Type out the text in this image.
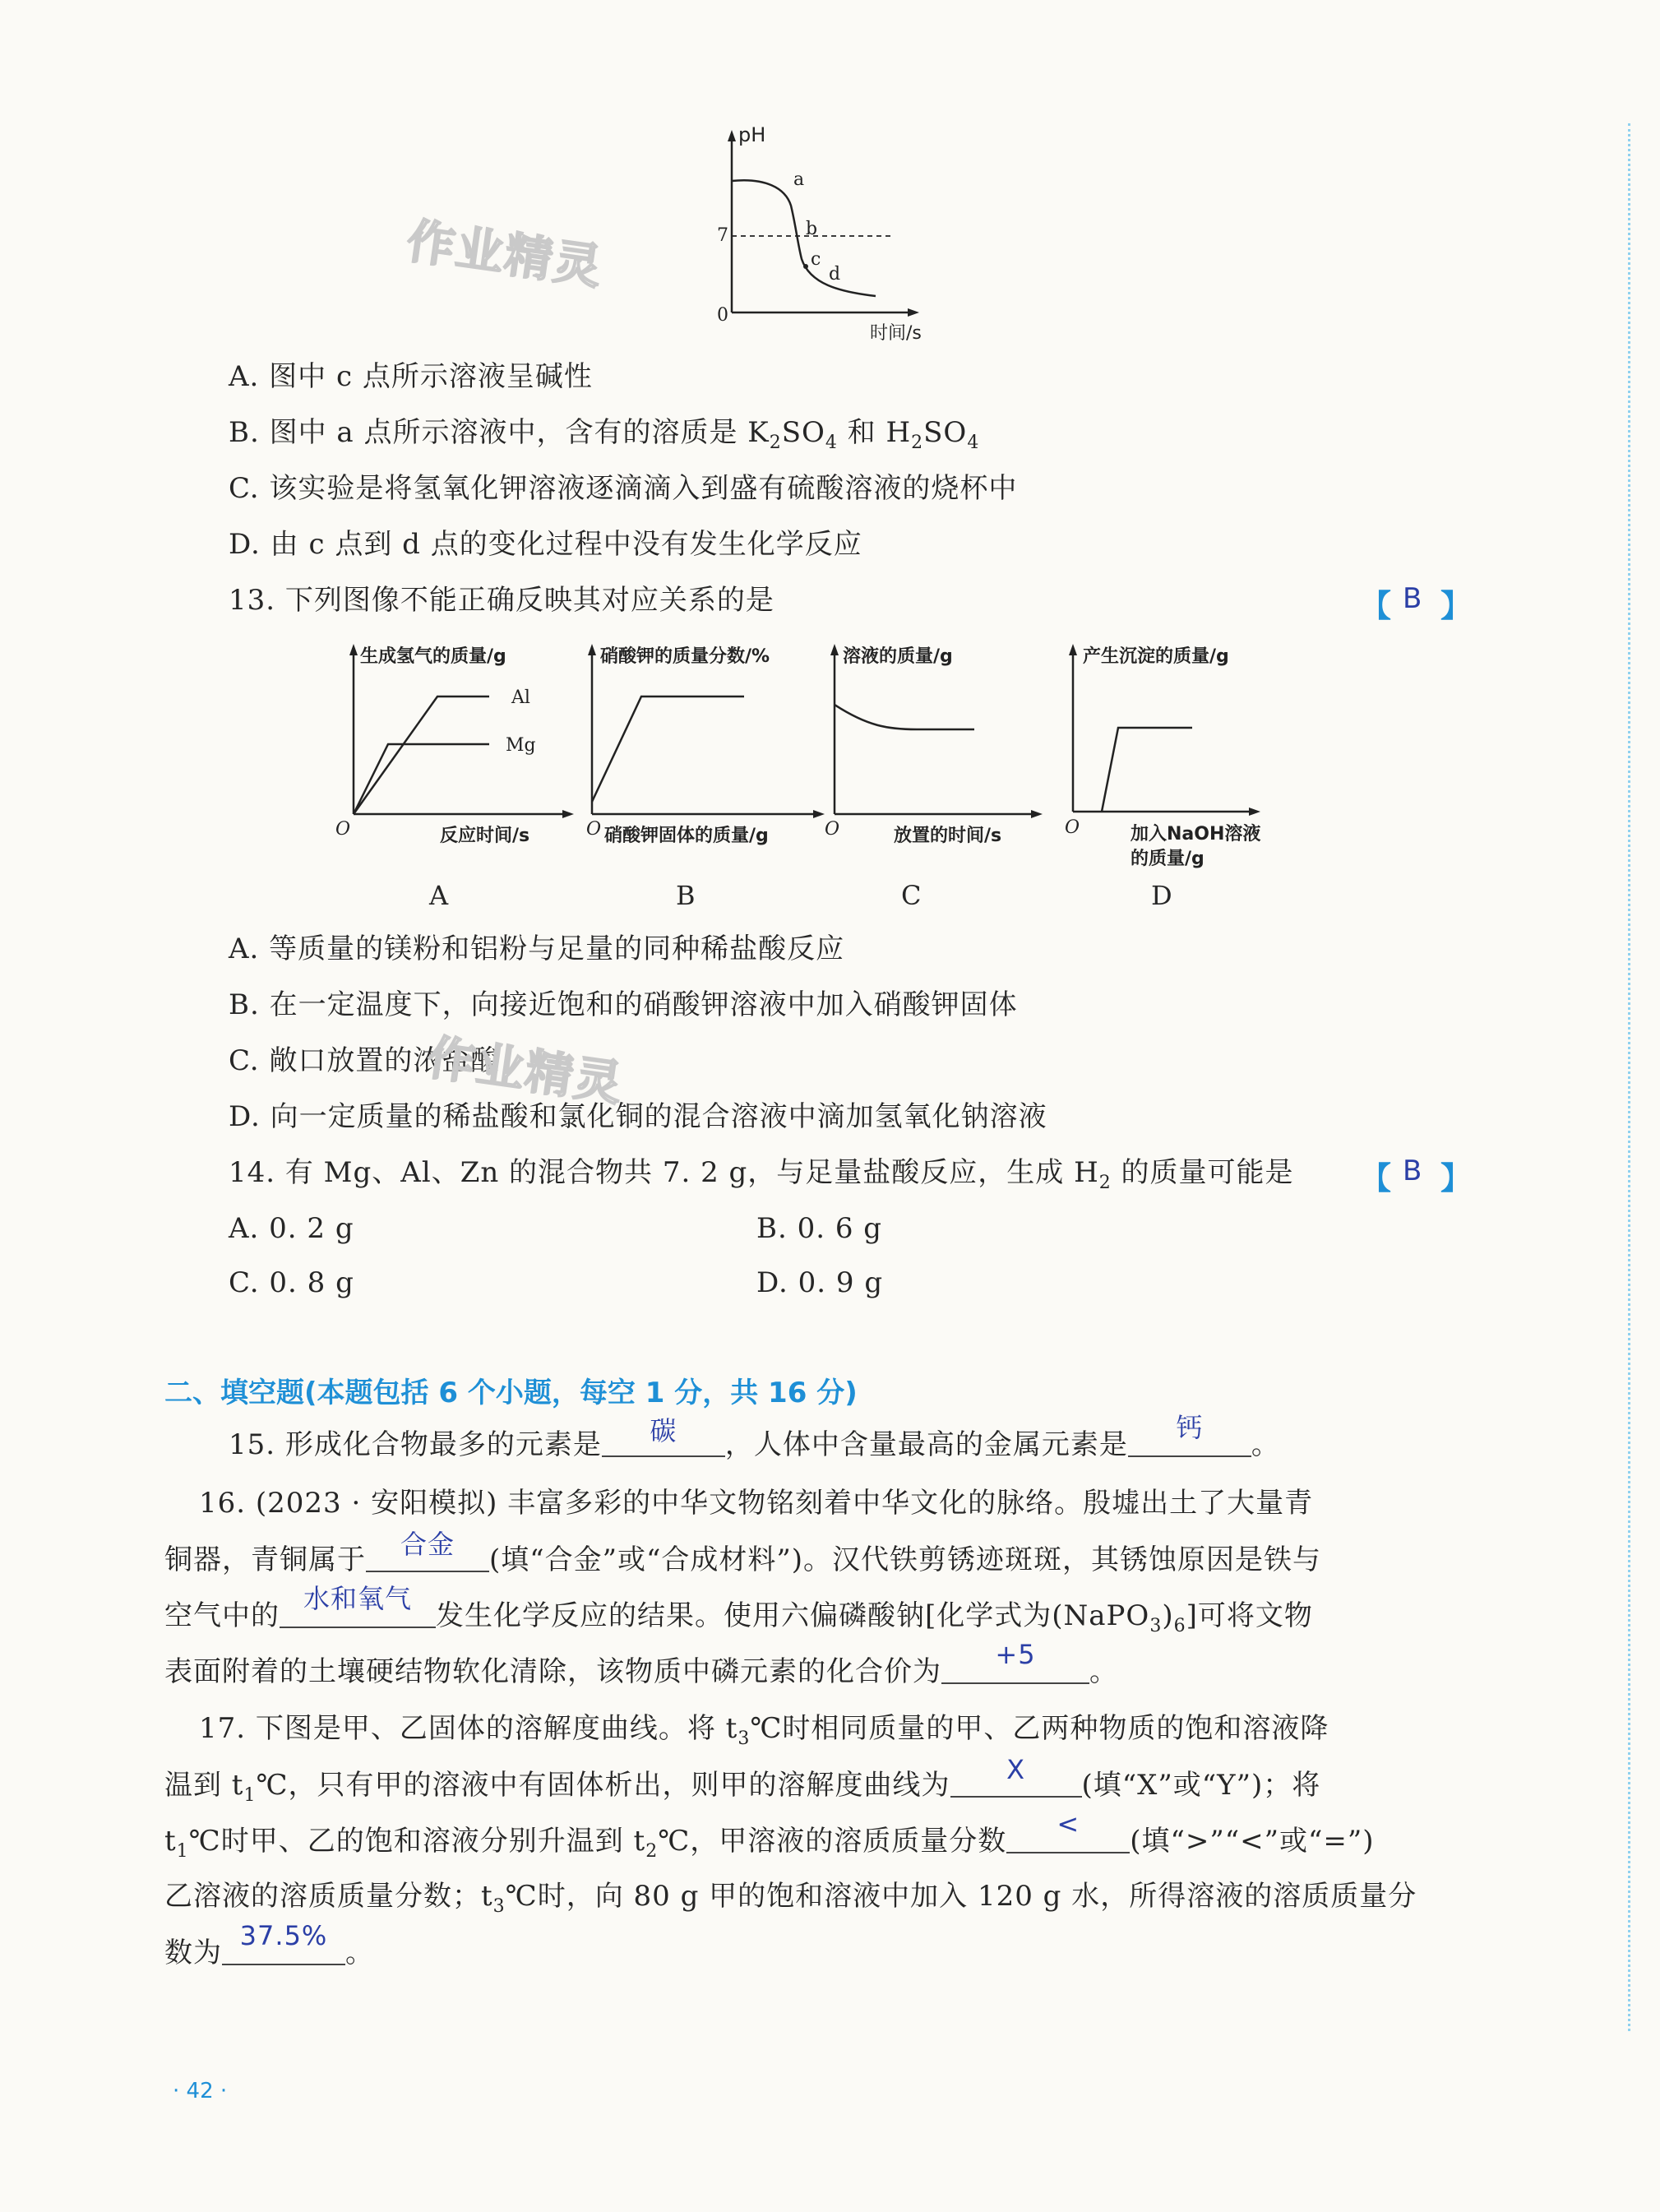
作业精灵
pH
时间/s
0
7
a
b
c
d
A. 图中 c 点所示溶液呈碱性
B. 图中 a 点所示溶液中，含有的溶质是 $K_2SO_4$ 和 $H_2SO_4$
C. 该实验是将氢氧化钾溶液逐滴滴入到盛有硫酸溶液的烧杯中
D. 由 c 点到 d 点的变化过程中没有发生化学反应
13. 下列图像不能正确反映其对应关系的是	【 B 】
生成氢气的质量/g
O	反应时间/s
Al
Mg
A
硝酸钾的质量分数/%
O 硝酸钾固体的质量/g
B
溶液的质量/g
O	放置的时间/s
C
产生沉淀的质量/g
O	加入NaOH溶液
的质量/g
D
A. 等质量的镁粉和铝粉与足量的同种稀盐酸反应
B. 在一定温度下，向接近饱和的硝酸钾溶液中加入硝酸钾固体
C. 敞口放置的浓盐酸
D. 向一定质量的稀盐酸和氯化铜的混合溶液中滴加氢氧化钠溶液
作业精灵
14. 有 Mg、Al、Zn 的混合物共 7. 2 g，与足量盐酸反应，生成 $H_2$ 的质量可能是 【 B 】
A. 0. 2 g	B. 0. 6 g
C. 0. 8 g	D. 0. 9 g
二、填空题(本题包括 6 个小题，每空 1 分，共 16 分)
15. 形成化合物最多的元素是	碳	，人体中含量最高的金属元素是
钙
。
16. (2023 · 安阳模拟) 丰富多彩的中华文物铭刻着中华文化的脉络。殷墟出土了大量青
铜器，青铜属于	合金	(填“合金”或“合成材料”)。汉代铁剪锈迹斑斑，其锈蚀原因是铁与
空气中的
水和氧气
发生化学反应的结果。使用六偏磷酸钠[化学式为$(NaPO_3)_6$]可将文物
表面附着的土壤硬结物软化清除，该物质中磷元素的化合价为
+5
。
17. 下图是甲、乙固体的溶解度曲线。将 $t_3℃$时相同质量的甲、乙两种物质的饱和溶液降
温到 $t_1℃$，只有甲的溶液中有固体析出，则甲的溶解度曲线为	X	(填“X”或“Y”)；将
$t_1℃$时甲、乙的饱和溶液分别升温到 $t_2℃$，甲溶液的溶质质量分数
<
(填“>”“<”或“=”)
乙溶液的溶质质量分数；$t_3℃$时，向 80 g 甲的饱和溶液中加入 120 g 水，所得溶液的溶质质量分
数为
37.5%
。
· 42 ·
